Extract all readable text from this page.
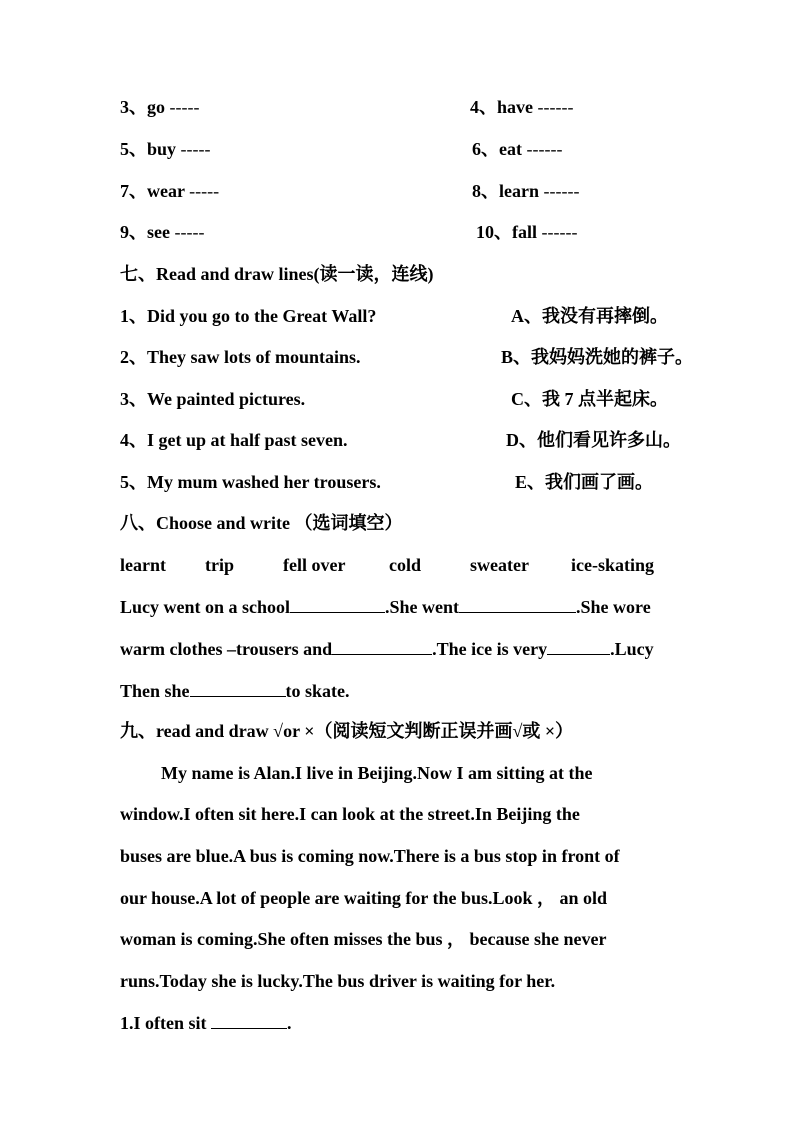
3、go -----	4、have ------
5、buy -----	6、eat ------
7、wear -----	8、learn ------
9、see -----	10、fall ------
七、Read and draw lines(读一读，连线)
1、Did you go to the Great Wall?	A、我没有再摔倒。
2、They saw lots of mountains.	B、我妈妈洗她的裤子。
3、We painted pictures.	C、我 7 点半起床。
4、I get up at half past seven.	D、他们看见许多山。
5、My mum washed her trousers.	E、我们画了画。
八、Choose and write （选词填空）
learnt trip	fell over cold	sweater ice-skating
Lucy went on a school	.She went	.She wore
warm clothes –trousers and	.The ice is very	.Lucy
Then she	to skate.
九、read and draw √or ×（阅读短文判断正误并画√或 ×）
My name is Alan.I live in Beijing.Now I am sitting at the
window.I often sit here.I can look at the street.In Beijing the
buses are blue.A bus is coming now.There is a bus stop in front of
our house.A lot of people are waiting for the bus.Look ， an old
woman is coming.She often misses the bus ， because she never
runs.Today she is lucky.The bus driver is waiting for her.
1.I often sit	.
